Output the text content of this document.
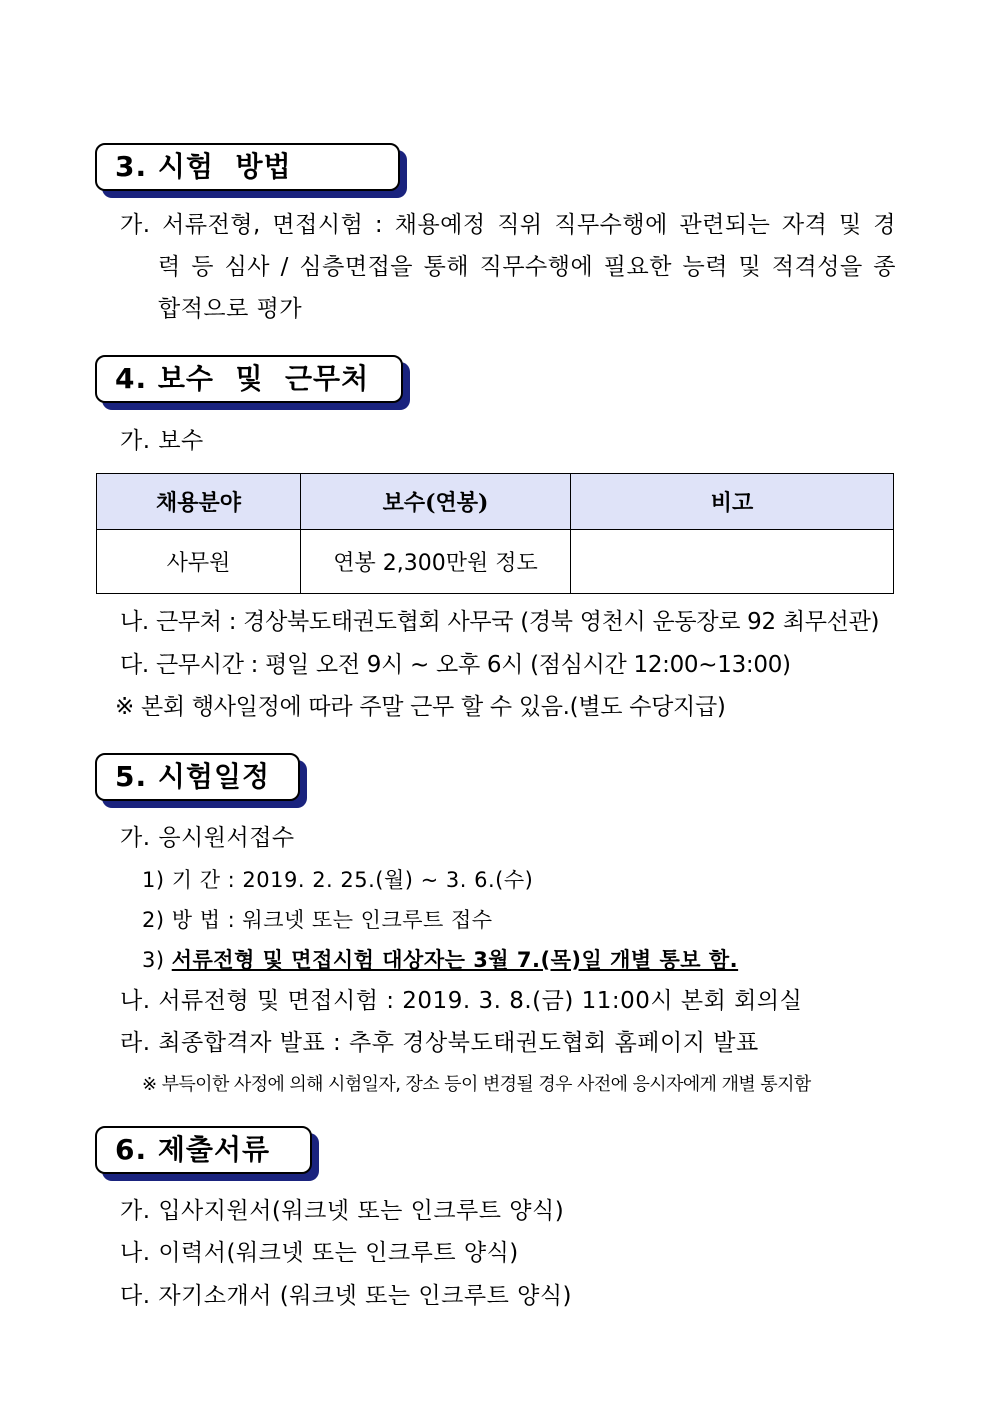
3. 시험  방법
가. 서류전형, 면접시험 : 채용예정 직위 직무수행에 관련되는 자격 및 경
력 등 심사 / 심층면접을 통해 직무수행에 필요한 능력 및 적격성을 종
합적으로 평가
4. 보수  및  근무처
가. 보수
채용분야	보수(연봉)	비고
사무원	연봉 2,300만원 정도	
나. 근무처 : 경상북도태권도협회 사무국 (경북 영천시 운동장로 92 최무선관)
다. 근무시간 : 평일 오전 9시 ~ 오후 6시 (점심시간 12:00~13:00)
※ 본회 행사일정에 따라 주말 근무 할 수 있음.(별도 수당지급)
5. 시험일정
가. 응시원서접수
1) 기 간 : 2019. 2. 25.(월) ~ 3. 6.(수)
2) 방 법 : 워크넷 또는 인크루트 접수
3) 서류전형 및 면접시험 대상자는 3월 7.(목)일 개별 통보 함.
나. 서류전형 및 면접시험 : 2019. 3. 8.(금) 11:00시 본회 회의실
라. 최종합격자 발표 : 추후 경상북도태권도협회 홈페이지 발표
※ 부득이한 사정에 의해 시험일자, 장소 등이 변경될 경우 사전에 응시자에게 개별 통지함
6. 제출서류
가. 입사지원서(워크넷 또는 인크루트 양식)
나. 이력서(워크넷 또는 인크루트 양식)
다. 자기소개서 (워크넷 또는 인크루트 양식)
